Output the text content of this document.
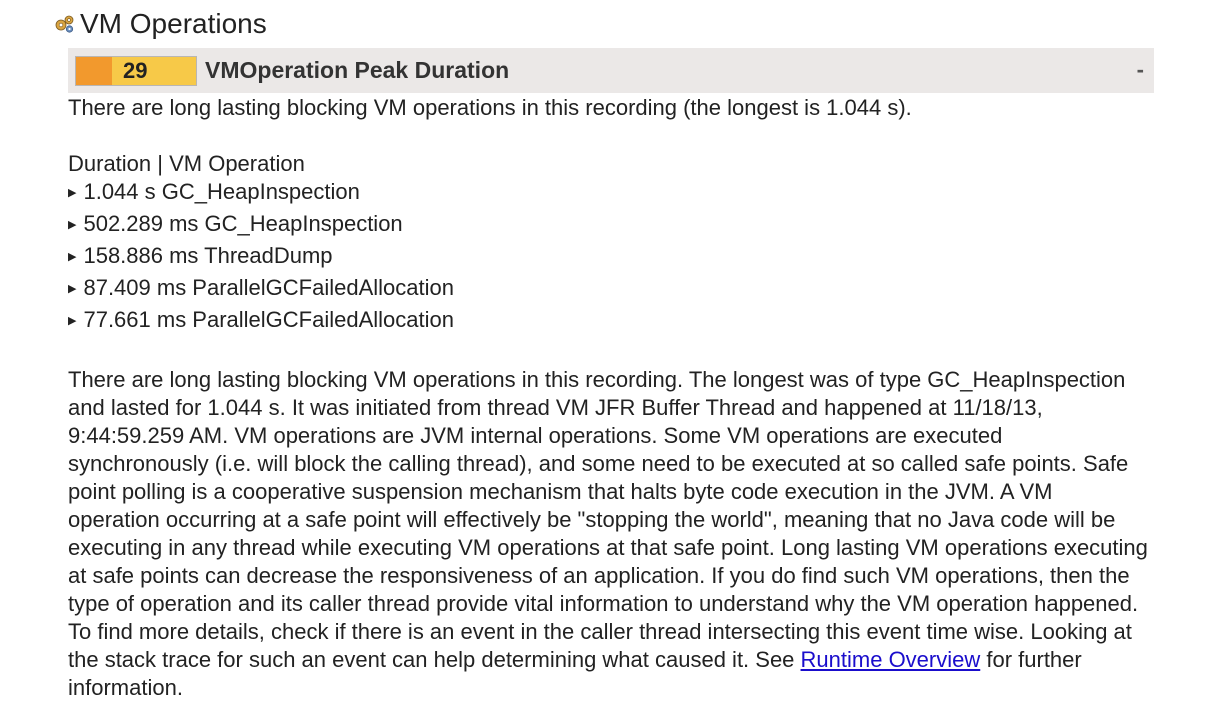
VM Operations
29	VMOperation Peak Duration	-

There are long lasting blocking VM operations in this recording (the longest is 1.044 s).

Duration | VM Operation
▶ 1.044 s GC_HeapInspection
▶ 502.289 ms GC_HeapInspection
▶ 158.886 ms ThreadDump
▶ 87.409 ms ParallelGCFailedAllocation
▶ 77.661 ms ParallelGCFailedAllocation
There are long lasting blocking VM operations in this recording. The longest was of type GC_HeapInspection and lasted for 1.044 s. It was initiated from thread VM JFR Buffer Thread and happened at 11/18/13, 9:44:59.259 AM. VM operations are JVM internal operations. Some VM operations are executed synchronously (i.e. will block the calling thread), and some need to be executed at so called safe points. Safe point polling is a cooperative suspension mechanism that halts byte code execution in the JVM. A VM operation occurring at a safe point will effectively be "stopping the world", meaning that no Java code will be executing in any thread while executing VM operations at that safe point. Long lasting VM operations executing at safe points can decrease the responsiveness of an application. If you do find such VM operations, then the type of operation and its caller thread provide vital information to understand why the VM operation happened. To find more details, check if there is an event in the caller thread intersecting this event time wise. Looking at the stack trace for such an event can help determining what caused it. See Runtime Overview for further information.
